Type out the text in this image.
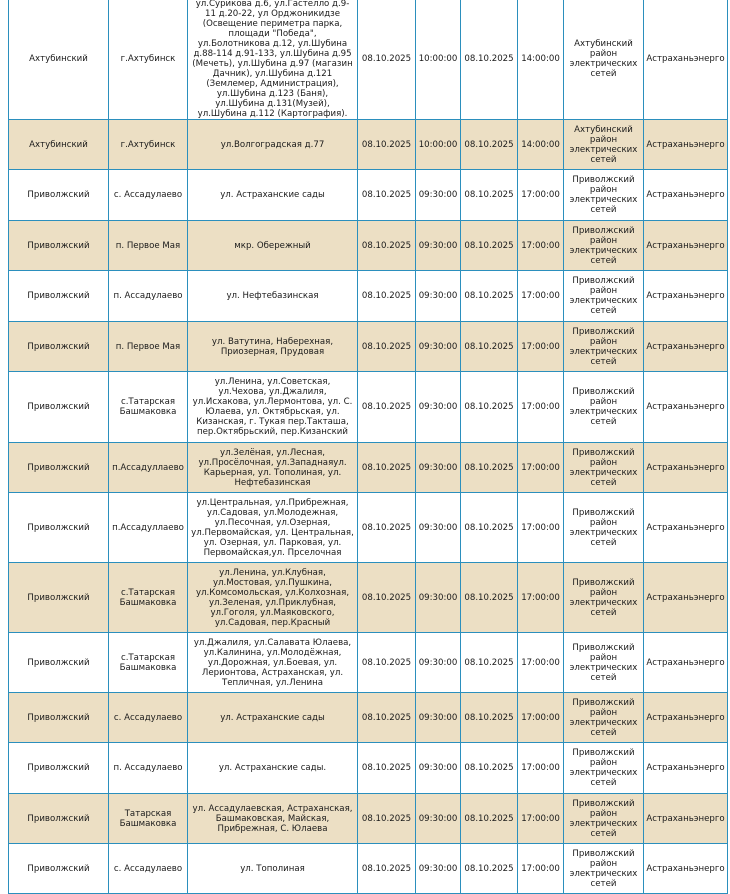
Ахтубинский	г.Ахтубинск	ул.Сурикова д.6, ул.Гастелло д.9-11 д.20-22, ул Орджоникидзе (Освещение периметра парка, площади "Победа", ул.Болотникова д.12, ул.Шубина д.88-114 д.91-133, ул.Шубина д.95 (Мечеть), ул.Шубина д.97 (магазин Дачник), ул.Шубина д.121 (Землемер, Администрация), ул.Шубина д.123 (Баня), ул.Шубина д.131(Музей), ул.Шубина д.112 (Картография).	08.10.2025	10:00:00	08.10.2025	14:00:00	Ахтубинский район электрических сетей	Астраханьэнерго
Ахтубинский	г.Ахтубинск	ул.Волгоградская д.77	08.10.2025	10:00:00	08.10.2025	14:00:00	Ахтубинский район электрических сетей	Астраханьэнерго
Приволжский	с. Ассадулаево	ул. Астраханские сады	08.10.2025	09:30:00	08.10.2025	17:00:00	Приволжский район электрических сетей	Астраханьэнерго
Приволжский	п. Первое Мая	мкр. Обережный	08.10.2025	09:30:00	08.10.2025	17:00:00	Приволжский район электрических сетей	Астраханьэнерго
Приволжский	п. Ассадулаево	ул. Нефтебазинская	08.10.2025	09:30:00	08.10.2025	17:00:00	Приволжский район электрических сетей	Астраханьэнерго
Приволжский	п. Первое Мая	ул. Ватутина, Наберехная, Приозерная, Прудовая	08.10.2025	09:30:00	08.10.2025	17:00:00	Приволжский район электрических сетей	Астраханьэнерго
Приволжский	с.Татарская Башмаковка	ул.Ленина, ул.Советская, ул.Чехова, ул.Джалиля, ул.Исхакова, ул.Лермонтова, ул. С. Юлаева, ул. Октябрьская, ул. Кизанская, г. Тукая пер.Такташа, пер.Октябрьский, пер.Кизанский	08.10.2025	09:30:00	08.10.2025	17:00:00	Приволжский район электрических сетей	Астраханьэнерго
Приволжский	п.Ассадуллаево	ул.Зелёная, ул.Лесная, ул.Просёлочная, ул.Западнаяул. Карьерная, ул. Тополиная, ул. Нефтебазинская	08.10.2025	09:30:00	08.10.2025	17:00:00	Приволжский район электрических сетей	Астраханьэнерго
Приволжский	п.Ассадуллаево	ул.Центральная, ул.Прибрежная, ул.Садовая, ул.Молодежная, ул.Песочная, ул.Озерная, ул.Первомайская, ул. Центральная, ул. Озерная, ул. Парковая, ул. Первомайская,ул. Прселочная	08.10.2025	09:30:00	08.10.2025	17:00:00	Приволжский район электрических сетей	Астраханьэнерго
Приволжский	с.Татарская Башмаковка	ул.Ленина, ул.Клубная, ул.Мостовая, ул.Пушкина, ул.Комсомольская, ул.Колхозная, ул.Зеленая, ул.Приклубная, ул.Гоголя, ул.Маяковского, ул.Садовая, пер.Красный	08.10.2025	09:30:00	08.10.2025	17:00:00	Приволжский район электрических сетей	Астраханьэнерго
Приволжский	с.Татарская Башмаковка	ул.Джалиля, ул.Салавата Юлаева, ул.Калинина, ул.Молодёжная, ул.Дорожная, ул.Боевая, ул. Лериoнтова, Астраханская, ул. Тепличная, ул.Ленина	08.10.2025	09:30:00	08.10.2025	17:00:00	Приволжский район электрических сетей	Астраханьэнерго
Приволжский	с. Ассадулаево	ул. Астраханские сады	08.10.2025	09:30:00	08.10.2025	17:00:00	Приволжский район электрических сетей	Астраханьэнерго
Приволжский	п. Ассадулаево	ул. Астраханские сады.	08.10.2025	09:30:00	08.10.2025	17:00:00	Приволжский район электрических сетей	Астраханьэнерго
Приволжский	Татарская Башмаковка	ул. Ассадулаевская, Астраханская, Башмаковская, Майская, Прибрежная, С. Юлаева	08.10.2025	09:30:00	08.10.2025	17:00:00	Приволжский район электрических сетей	Астраханьэнерго
Приволжский	с. Ассадулаево	ул. Тополиная	08.10.2025	09:30:00	08.10.2025	17:00:00	Приволжский район электрических сетей	Астраханьэнерго
